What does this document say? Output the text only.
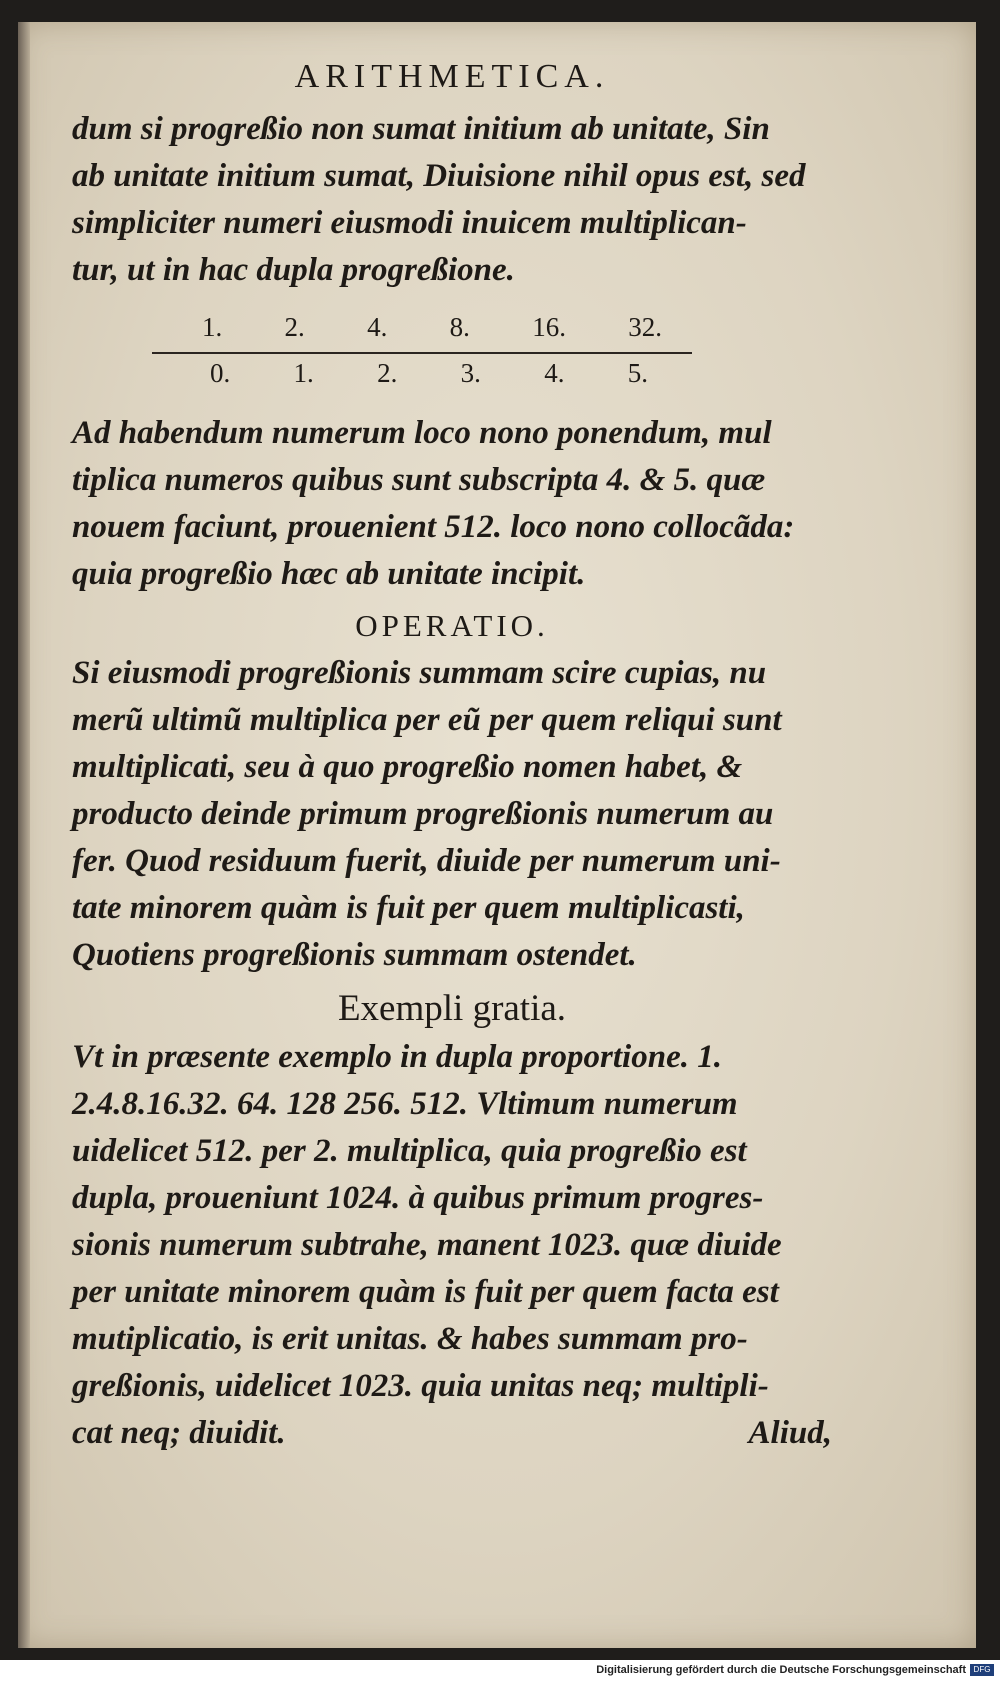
ARITHMETICA.
dum si progreßio non sumat initium ab unitate, Sin
ab unitate initium sumat, Diuisione nihil opus est, sed
simpliciter numeri eiusmodi inuicem multiplican-
tur, ut in hac dupla progreßione.
1. 2. 4. 8. 16. 32.
0. 1. 2. 3. 4. 5.
Ad habendum numerum loco nono ponendum, mul
tiplica numeros quibus sunt subscripta 4. & 5. quæ
nouem faciunt, prouenient 512. loco nono collocãda:
quia progreßio hæc ab unitate incipit.
OPERATIO.
Si eiusmodi progreßionis summam scire cupias, nu
merũ ultimũ multiplica per eũ per quem reliqui sunt
multiplicati, seu à quo progreßio nomen habet, &
producto deinde primum progreßionis numerum au
fer. Quod residuum fuerit, diuide per numerum uni-
tate minorem quàm is fuit per quem multiplicasti,
Quotiens progreßionis summam ostendet.
Exempli gratia.
Vt in præsente exemplo in dupla proportione. 1.
2.4.8.16.32. 64. 128 256. 512. Vltimum numerum
uidelicet 512. per 2. multiplica, quia progreßio est
dupla, proueniunt 1024. à quibus primum progres-
sionis numerum subtrahe, manent 1023. quæ diuide
per unitate minorem quàm is fuit per quem facta est
mutiplicatio, is erit unitas. & habes summam pro-
greßionis, uidelicet 1023. quia unitas neq; multipli-
cat neq; diuidit.	Aliud,
Digitalisierung gefördert durch die Deutsche Forschungsgemeinschaft DFG
